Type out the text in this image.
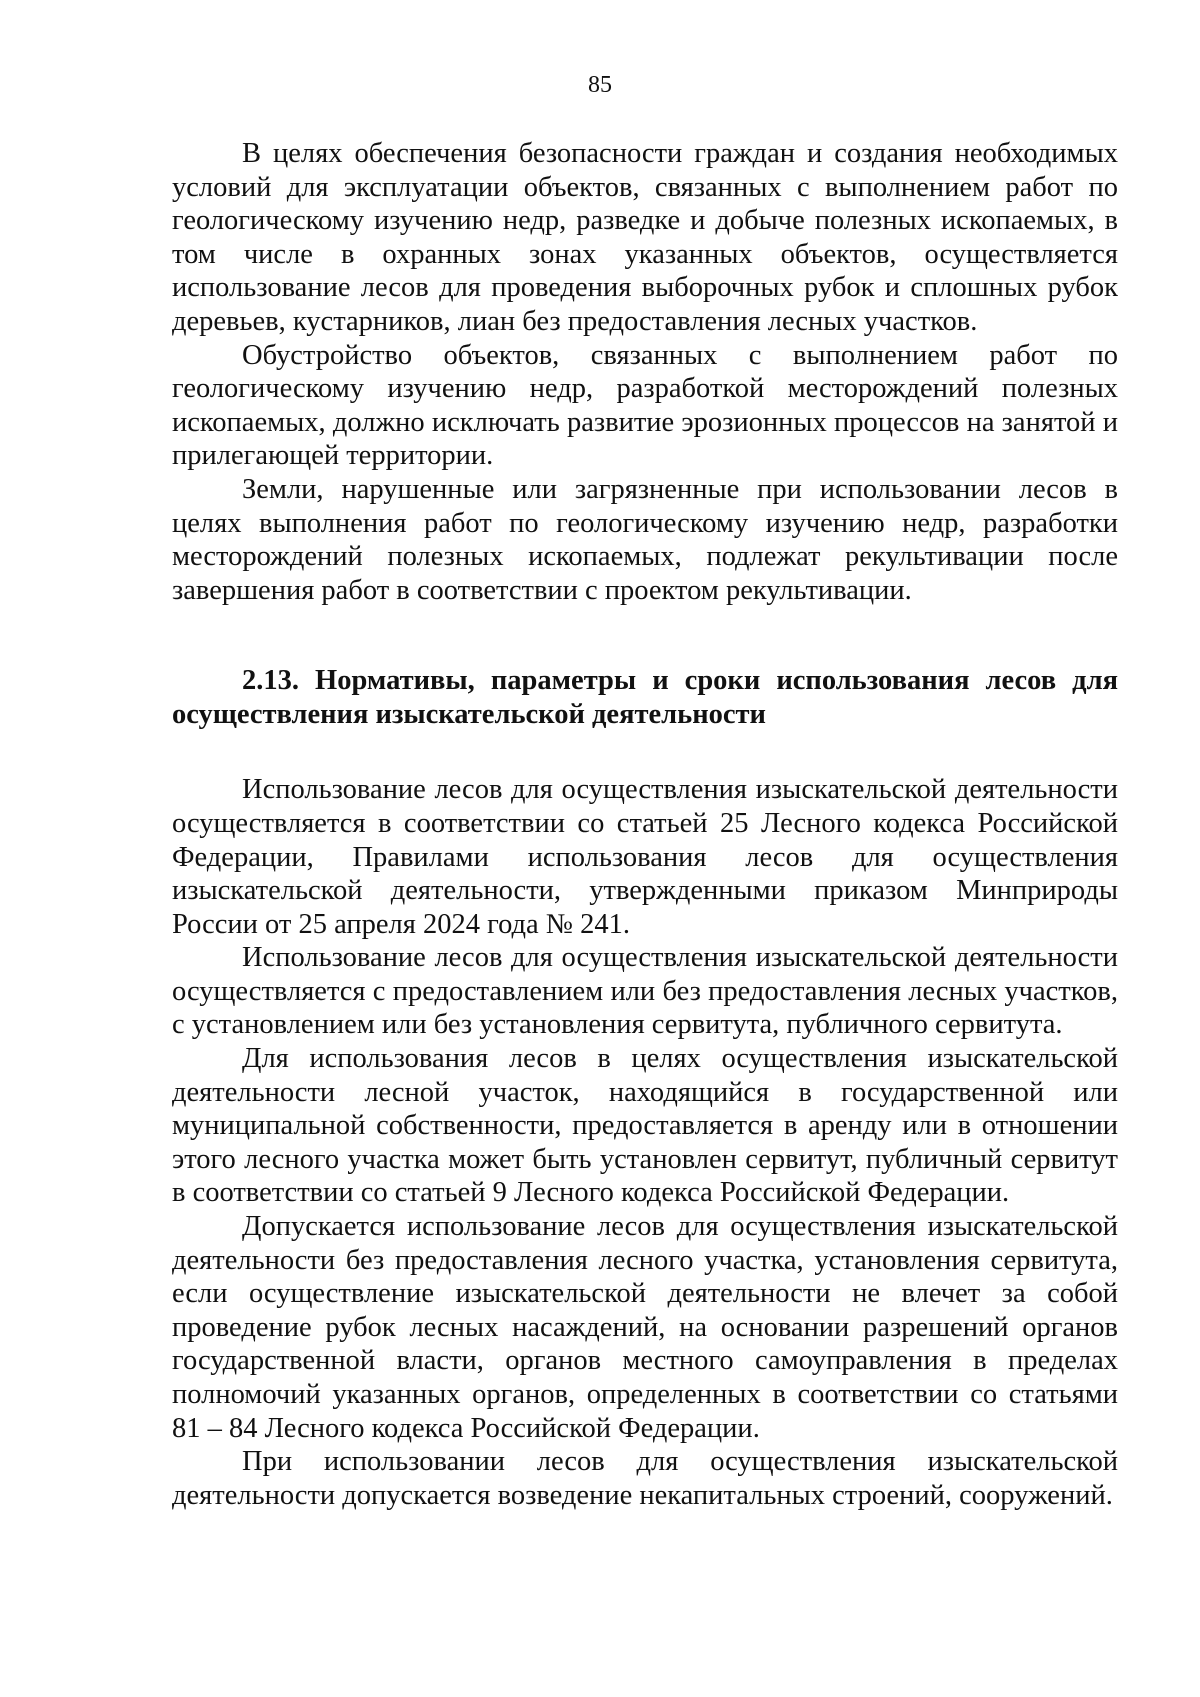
85

В целях обеспечения безопасности граждан и создания необходимых условий для эксплуатации объектов, связанных с выполнением работ по геологическому изучению недр, разведке и добыче полезных ископаемых, в том числе в охранных зонах указанных объектов, осуществляется использование лесов для проведения выборочных рубок и сплошных рубок деревьев, кустарников, лиан без предоставления лесных участков.

Обустройство объектов, связанных с выполнением работ по геологическому изучению недр, разработкой месторождений полезных ископаемых, должно исключать развитие эрозионных процессов на занятой и прилегающей территории.

Земли, нарушенные или загрязненные при использовании лесов в целях выполнения работ по геологическому изучению недр, разработки месторождений полезных ископаемых, подлежат рекультивации после завершения работ в соответствии с проектом рекультивации.

2.13. Нормативы, параметры и сроки использования лесов для осуществления изыскательской деятельности

Использование лесов для осуществления изыскательской деятельности осуществляется в соответствии со статьей 25 Лесного кодекса Российской Федерации, Правилами использования лесов для осуществления изыскательской деятельности, утвержденными приказом Минприроды России от 25 апреля 2024 года № 241.

Использование лесов для осуществления изыскательской деятельности осуществляется с предоставлением или без предоставления лесных участков, с установлением или без установления сервитута, публичного сервитута.

Для использования лесов в целях осуществления изыскательской деятельности лесной участок, находящийся в государственной или муниципальной собственности, предоставляется в аренду или в отношении этого лесного участка может быть установлен сервитут, публичный сервитут в соответствии со статьей 9 Лесного кодекса Российской Федерации.

Допускается использование лесов для осуществления изыскательской деятельности без предоставления лесного участка, установления сервитута, если осуществление изыскательской деятельности не влечет за собой проведение рубок лесных насаждений, на основании разрешений органов государственной власти, органов местного самоуправления в пределах полномочий указанных органов, определенных в соответствии со статьями 81 – 84 Лесного кодекса Российской Федерации.

При использовании лесов для осуществления изыскательской деятельности допускается возведение некапитальных строений, сооружений.
